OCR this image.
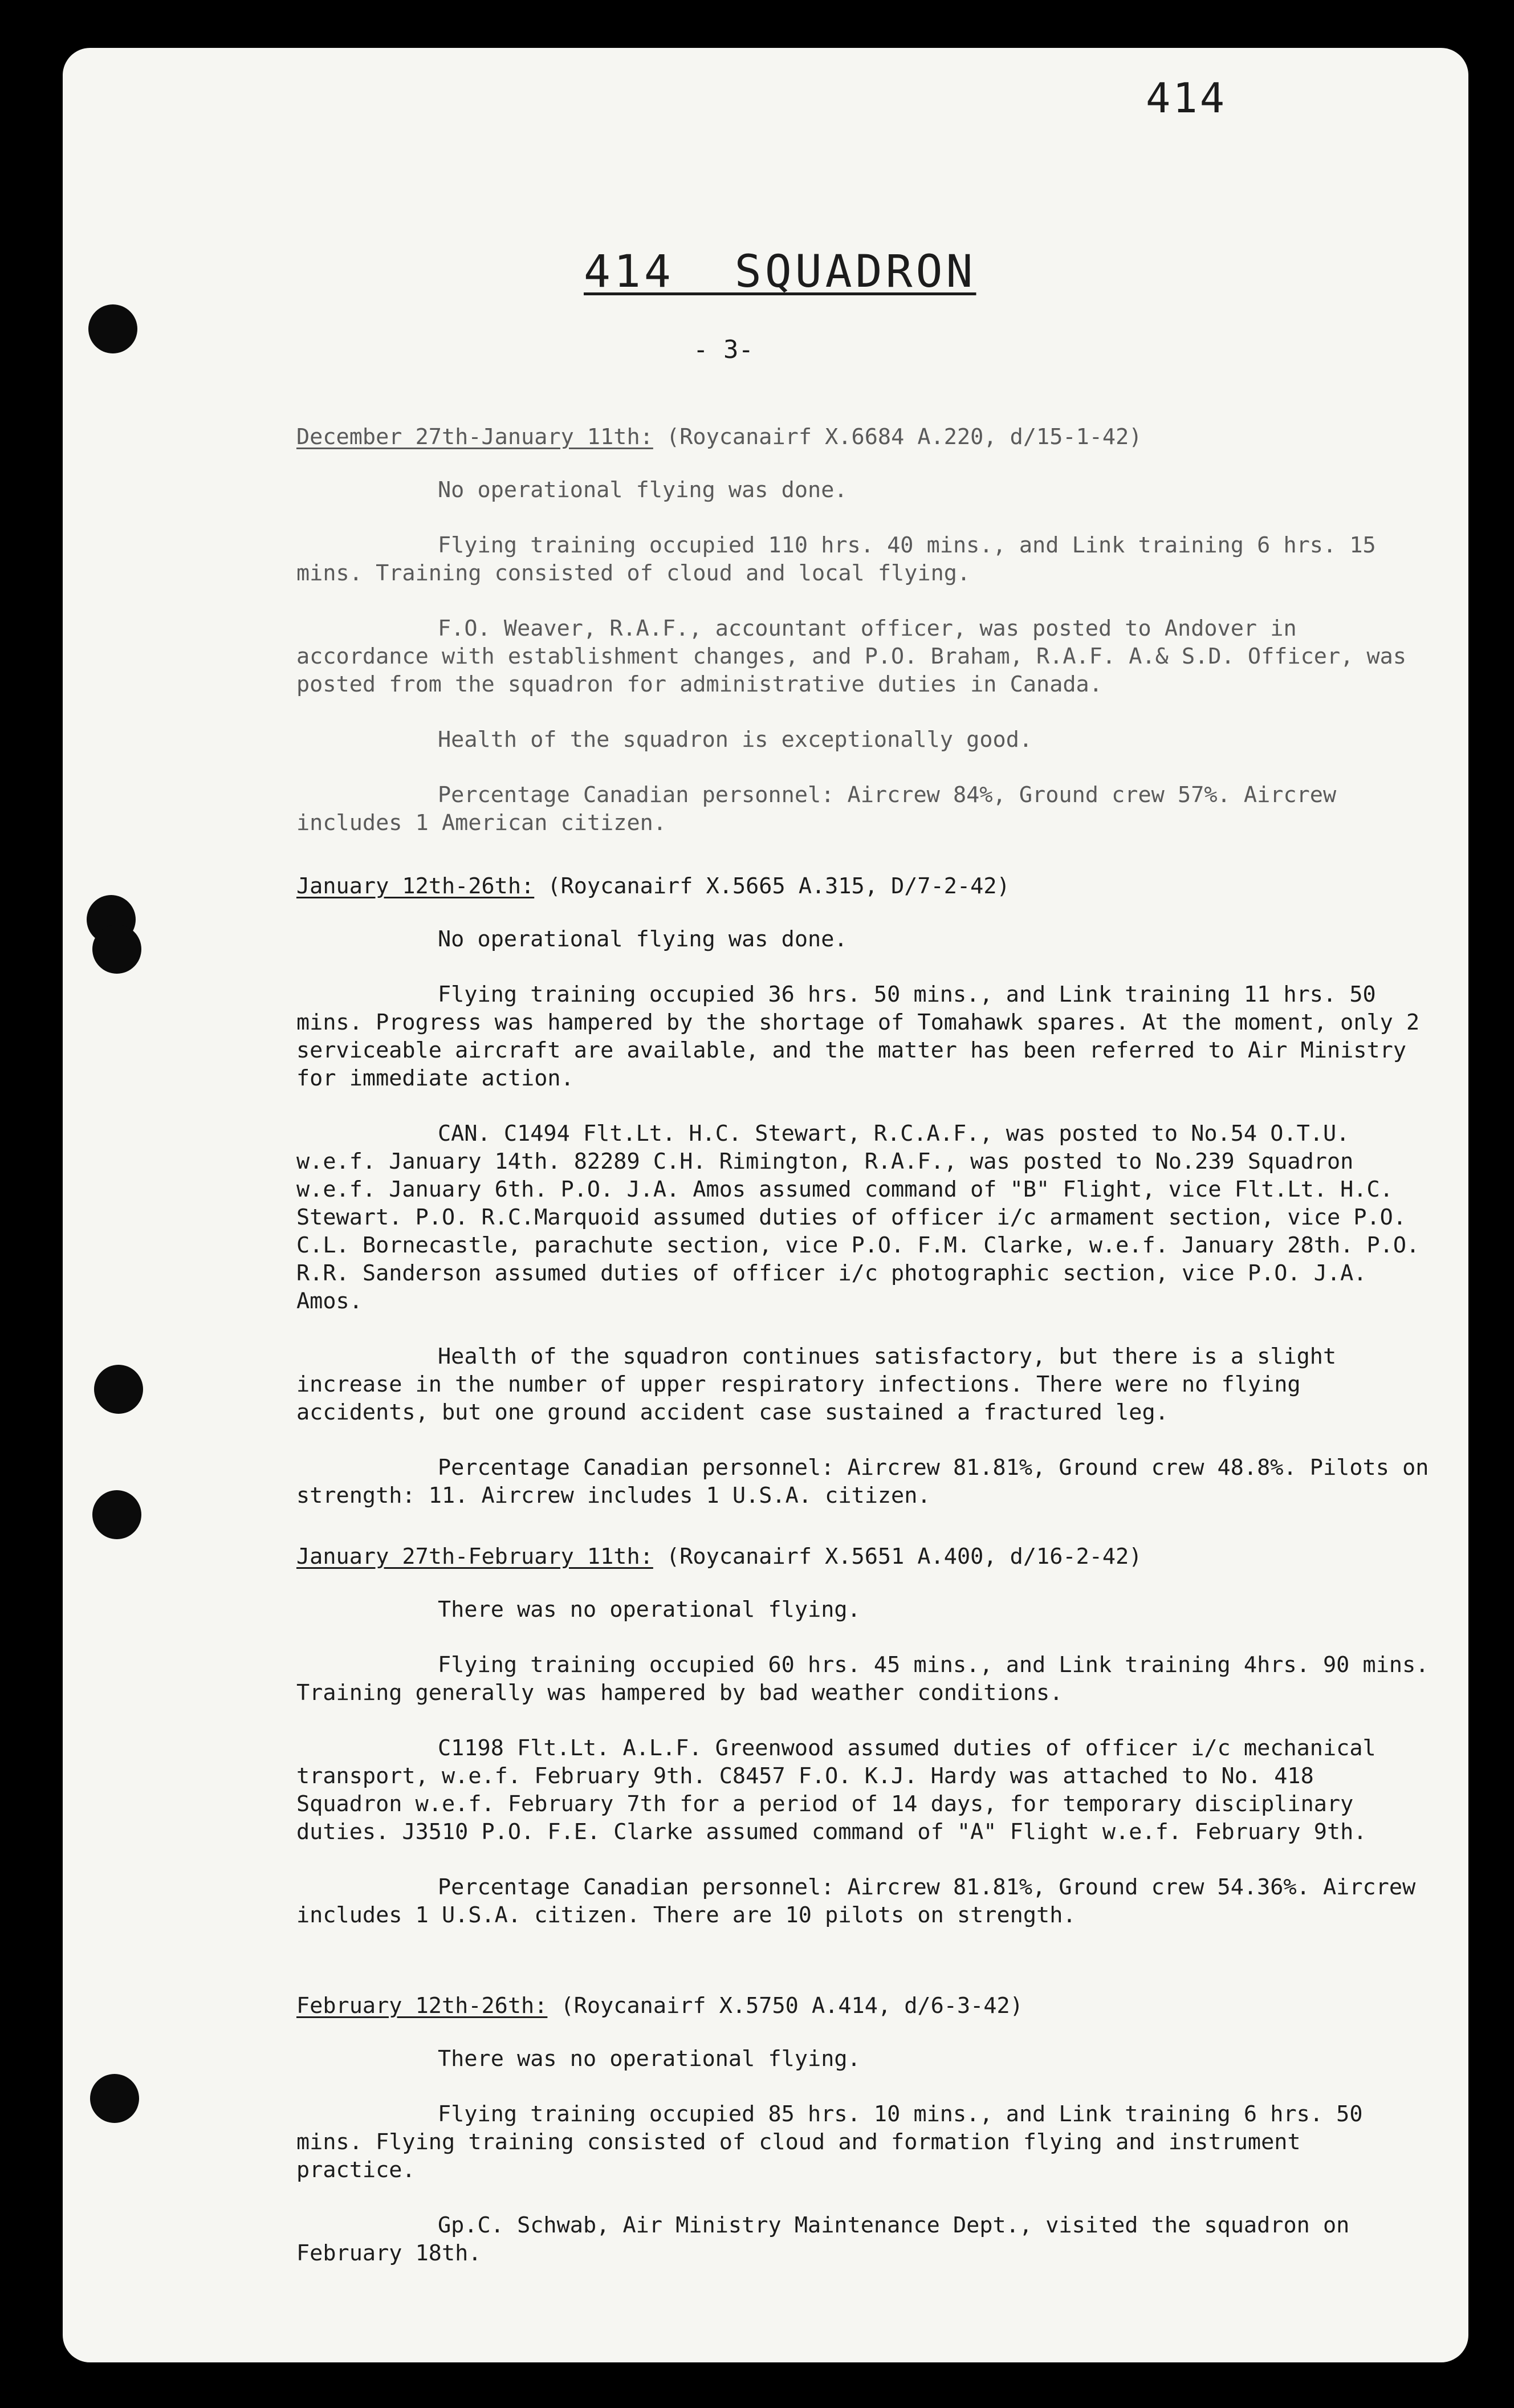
414
414  SQUADRON
- 3-
December 27th-January 11th: (Roycanairf X.6684 A.220, d/15-1-42)

No operational flying was done.

Flying training occupied 110 hrs. 40 mins., and Link training 6 hrs. 15 mins. Training consisted of cloud and local flying.

F.O. Weaver, R.A.F., accountant officer, was posted to Andover in accordance with establishment changes, and P.O. Braham, R.A.F. A.& S.D. Officer, was posted from the squadron for administrative duties in Canada.

Health of the squadron is exceptionally good.

Percentage Canadian personnel: Aircrew 84%, Ground crew 57%. Aircrew includes 1 American citizen.

January 12th-26th: (Roycanairf X.5665 A.315, D/7-2-42)

No operational flying was done.

Flying training occupied 36 hrs. 50 mins., and Link training 11 hrs. 50 mins. Progress was hampered by the shortage of Tomahawk spares. At the moment, only 2 serviceable aircraft are available, and the matter has been referred to Air Ministry for immediate action.

CAN. C1494 Flt.Lt. H.C. Stewart, R.C.A.F., was posted to No.54 O.T.U. w.e.f. January 14th. 82289 C.H. Rimington, R.A.F., was posted to No.239 Squadron w.e.f. January 6th. P.O. J.A. Amos assumed command of "B" Flight, vice Flt.Lt. H.C. Stewart. P.O. R.C.Marquoid assumed duties of officer i/c armament section, vice P.O. C.L. Bornecastle, parachute section, vice P.O. F.M. Clarke, w.e.f. January 28th. P.O. R.R. Sanderson assumed duties of officer i/c photographic section, vice P.O. J.A. Amos.

Health of the squadron continues satisfactory, but there is a slight increase in the number of upper respiratory infections. There were no flying accidents, but one ground accident case sustained a fractured leg.

Percentage Canadian personnel: Aircrew 81.81%, Ground crew 48.8%. Pilots on strength: 11. Aircrew includes 1 U.S.A. citizen.

January 27th-February 11th: (Roycanairf X.5651 A.400, d/16-2-42)

There was no operational flying.

Flying training occupied 60 hrs. 45 mins., and Link training 4hrs. 90 mins. Training generally was hampered by bad weather conditions.

C1198 Flt.Lt. A.L.F. Greenwood assumed duties of officer i/c mechanical transport, w.e.f. February 9th. C8457 F.O. K.J. Hardy was attached to No. 418 Squadron w.e.f. February 7th for a period of 14 days, for temporary disciplinary duties. J3510 P.O. F.E. Clarke assumed command of "A" Flight w.e.f. February 9th.

Percentage Canadian personnel: Aircrew 81.81%, Ground crew 54.36%. Aircrew includes 1 U.S.A. citizen. There are 10 pilots on strength.

February 12th-26th: (Roycanairf X.5750 A.414, d/6-3-42)

There was no operational flying.

Flying training occupied 85 hrs. 10 mins., and Link training 6 hrs. 50 mins. Flying training consisted of cloud and formation flying and instrument practice.

Gp.C. Schwab, Air Ministry Maintenance Dept., visited the squadron on February 18th.
